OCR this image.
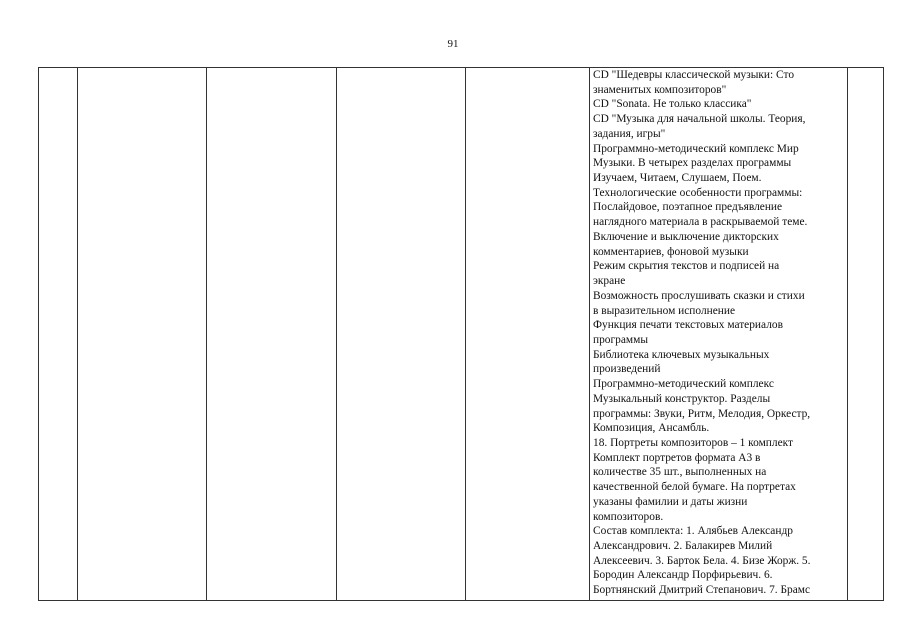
91
CD "Шедевры классической музыки: Сто
знаменитых композиторов"
CD "Sonata. Не только классика"
CD "Музыка для начальной школы. Теория,
задания, игры"
Программно-методический комплекс Мир
Музыки. В четырех разделах программы
Изучаем, Читаем, Слушаем, Поем.
Технологические особенности программы:
Послайдовое, поэтапное предъявление
наглядного материала в раскрываемой теме.
Включение и выключение дикторских
комментариев, фоновой музыки
Режим скрытия текстов и подписей на
экране
Возможность прослушивать сказки и стихи
в выразительном исполнение
Функция печати текстовых материалов
программы
Библиотека ключевых музыкальных
произведений
Программно-методический комплекс
Музыкальный конструктор. Разделы
программы: Звуки, Ритм, Мелодия, Оркестр,
Композиция, Ансамбль.
18. Портреты композиторов – 1 комплект
Комплект портретов формата А3 в
количестве 35 шт., выполненных на
качественной белой бумаге. На портретах
указаны фамилии и даты жизни
композиторов.
Состав комплекта: 1. Алябьев Александр
Александрович. 2. Балакирев Милий
Алексеевич. 3. Барток Бела. 4. Бизе Жорж. 5.
Бородин Александр Порфирьевич. 6.
Бортнянский Дмитрий Степанович. 7. Брамс
